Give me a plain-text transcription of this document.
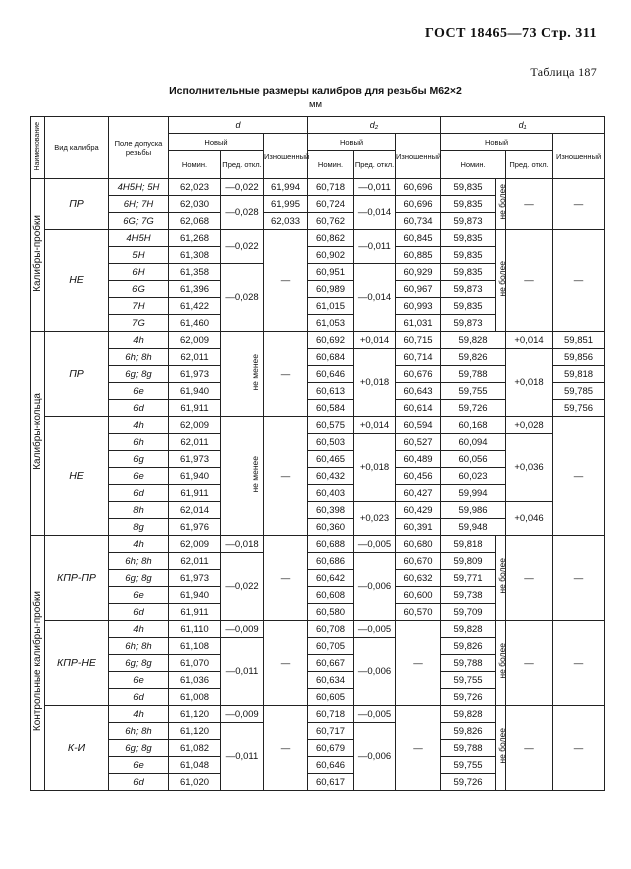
ГОСТ 18465—73 Стр. 311
Таблица 187
Исполнительные размеры калибров для резьбы М62×2
мм
Наименование	Вид калибра	Поле допуска резьбы	d			d₂			d₁			
			Новый		Изношенный	Новый		Изношенный	Новый			Изношенный
			Номин.	Пред. откл.		Номин.	Пред. откл.		Номин.		Пред. откл.	
Калибры-пробки	ПР	4H5H; 5H	62,023	—0,022	61,994	60,718	—0,011	60,696	59,835	не более	—	—
		6H; 7H	62,030	—0,028	61,995	60,724	—0,014	60,696	59,835			
		6G; 7G	62,068		62,033	60,762		60,734	59,873			
	НЕ	4H5H	61,268	—0,022	—	60,862	—0,011	60,845	59,835	не более	—	—
		5H	61,308			60,902		60,885	59,835			
		6H	61,358	—0,028		60,951	—0,014	60,929	59,835			
		6G	61,396			60,989		60,967	59,873			
		7H	61,422			61,015		60,993	59,835			
		7G	61,460			61,053		61,031	59,873			
Калибры-кольца	ПР	4h	62,009	не менее	—	60,692	+0,014	60,715	59,828		+0,014	59,851
		6h; 8h	62,011			60,684	+0,018	60,714	59,826		+0,018	59,856
		6g; 8g	61,973			60,646		60,676	59,788			59,818
		6e	61,940			60,613		60,643	59,755			59,785
		6d	61,911			60,584		60,614	59,726			59,756
	НЕ	4h	62,009	не менее	—	60,575	+0,014	60,594	60,168		+0,028	—
		6h	62,011			60,503	+0,018	60,527	60,094		+0,036	
		6g	61,973			60,465		60,489	60,056			
		6e	61,940			60,432		60,456	60,023			
		6d	61,911			60,403		60,427	59,994			
		8h	62,014			60,398	+0,023	60,429	59,986		+0,046	
		8g	61,976			60,360		60,391	59,948			
Контрольные калибры-пробки	КПР-ПР	4h	62,009	—0,018	—	60,688	—0,005	60,680	59,818	не более	—	—
		6h; 8h	62,011	—0,022		60,686	—0,006	60,670	59,809			
		6g; 8g	61,973			60,642		60,632	59,771			
		6e	61,940			60,608		60,600	59,738			
		6d	61,911			60,580		60,570	59,709			
	КПР-НЕ	4h	61,110	—0,009	—	60,708	—0,005	—	59,828	не более	—	—
		6h; 8h	61,108	—0,011		60,705	—0,006		59,826			
		6g; 8g	61,070			60,667			59,788			
		6e	61,036			60,634			59,755			
		6d	61,008			60,605			59,726			
	К-И	4h	61,120	—0,009	—	60,718	—0,005	—	59,828	не более	—	—
		6h; 8h	61,120	—0,011		60,717	—0,006		59,826			
		6g; 8g	61,082			60,679			59,788			
		6e	61,048			60,646			59,755			
		6d	61,020			60,617			59,726			
